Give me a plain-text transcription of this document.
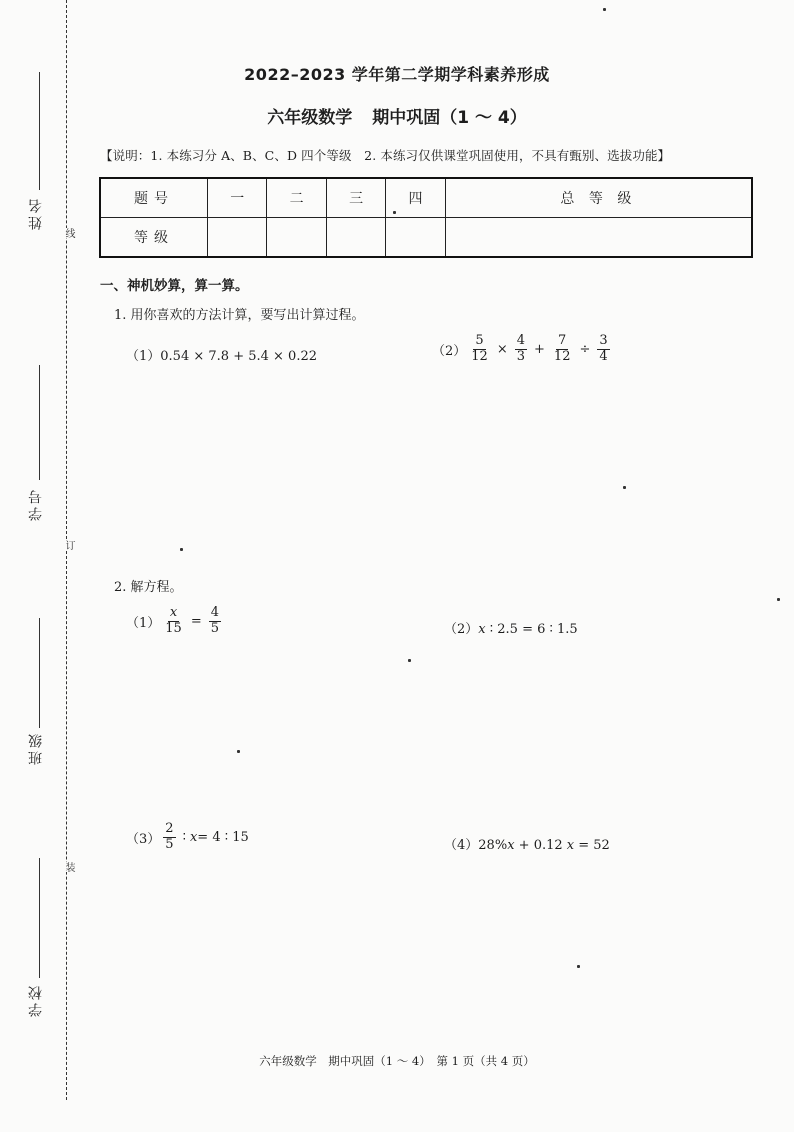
线
订
装
姓名
学号
班级
学校
2022–2023 学年第二学期学科素养形成
六年级数学 期中巩固（1 ～ 4）
【说明：1. 本练习分 A、B、C、D 四个等级　2. 本练习仅供课堂巩固使用，不具有甄别、选拔功能】
题号	一	二	三	四	总 等 级
等级					
一、神机妙算，算一算。
1. 用你喜欢的方法计算，要写出计算过程。
（1）0.54 × 7.8 + 5.4 × 0.22	$(2) \frac{5}{12} \times \frac{4}{3} + \frac{7}{12} \div \frac{3}{4}$
2. 解方程。
$(1) \frac{x}{15} = \frac{4}{5}$	（2）x ∶ 2.5 = 6 ∶ 1.5
$(3) \frac{2}{5}$ ∶ x = 4 ∶ 15
（4）28%x + 0.12 x = 52
六年级数学　期中巩固（1 ～ 4）　第 1 页（共 4 页）
